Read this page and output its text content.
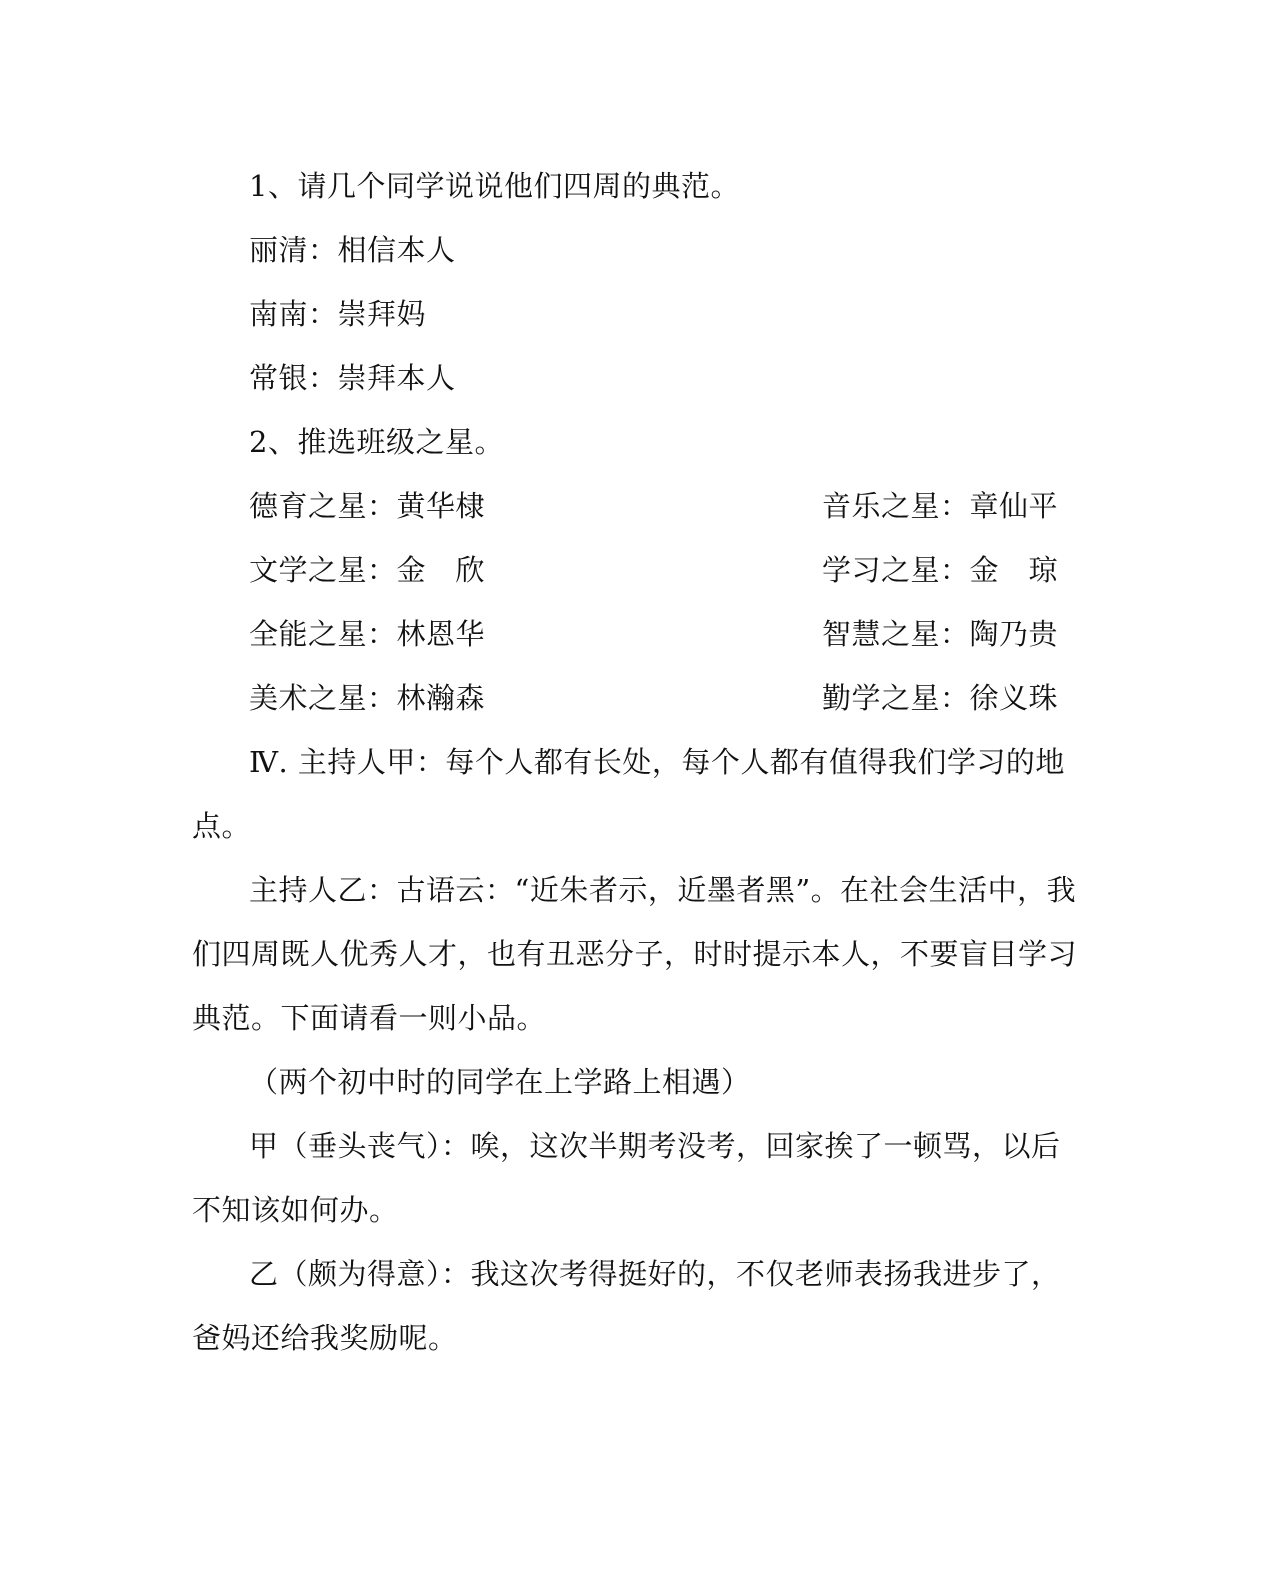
1、请几个同学说说他们四周的典范。
丽清：相信本人
南南：崇拜妈
常银：崇拜本人
2、推选班级之星。
德育之星：黄华棣	音乐之星：章仙平
文学之星：金　欣	学习之星：金　琼
全能之星：林恩华	智慧之星：陶乃贵
美术之星：林瀚森	勤学之星：徐义珠
Ⅳ. 主持人甲：每个人都有长处，每个人都有值得我们学习的地
点。
主持人乙：古语云：“近朱者示，近墨者黑”。在社会生活中，我
们四周既人优秀人才，也有丑恶分子，时时提示本人，不要盲目学习
典范。下面请看一则小品。
（两个初中时的同学在上学路上相遇）
甲（垂头丧气）：唉，这次半期考没考，回家挨了一顿骂，以后
不知该如何办。
乙（颇为得意）：我这次考得挺好的，不仅老师表扬我进步了，
爸妈还给我奖励呢。
